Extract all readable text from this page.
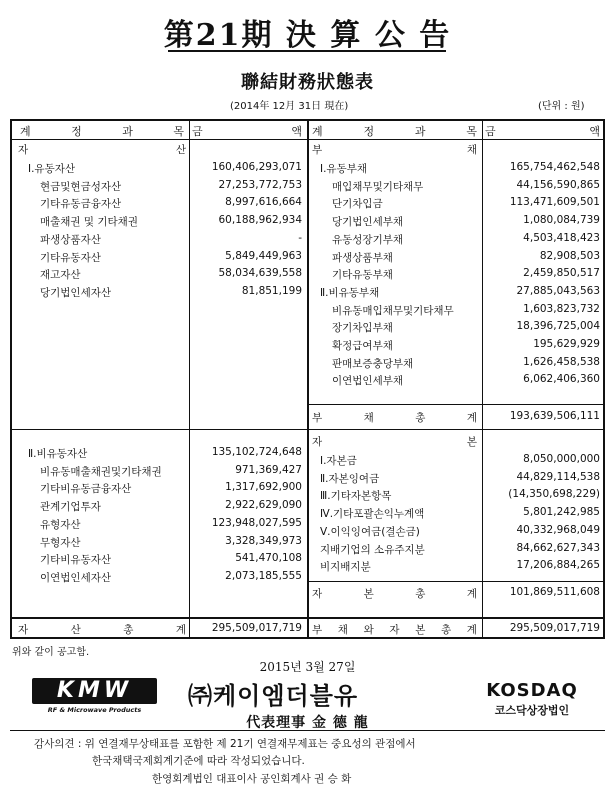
第21期 決 算 公 告
聯結財務狀態表
(2014年 12月 31日 現在)	(단위 : 원)
계	정	과	목 금	액 계	정	과	목 금	액
자	산	부	채
Ⅰ.유동자산	160,406,293,071
현금및현금성자산	27,253,772,753
기타유동금융자산	8,997,616,664
매출채권 및 기타채권	60,188,962,934
파생상품자산	-
기타유동자산	5,849,449,963
재고자산	58,034,639,558
당기법인세자산	81,851,199
Ⅱ.비유동자산	135,102,724,648
비유동매출채권및기타채권	971,369,427
기타비유동금융자산	1,317,692,900
관계기업투자	2,922,629,090
유형자산	123,948,027,595
무형자산	3,328,349,973
기타비유동자산	541,470,108
이연법인세자산	2,073,185,555
Ⅰ.유동부채	165,754,462,548
매입채무및기타채무	44,156,590,865
단기차입금	113,471,609,501
당기법인세부채	1,080,084,739
유동성장기부채	4,503,418,423
파생상품부채	82,908,503
기타유동부채	2,459,850,517
Ⅱ.비유동부채	27,885,043,563
비유동매입채무및기타채무	1,603,823,732
장기차입부채	18,396,725,004
확정급여부채	195,629,929
판매보증충당부채	1,626,458,538
이연법인세부채	6,062,406,360
부	채	총	계	193,639,506,111
자	본
Ⅰ.자본금	8,050,000,000
Ⅱ.자본잉여금	44,829,114,538
Ⅲ.기타자본항목	(14,350,698,229)
Ⅳ.기타포괄손익누계액	5,801,242,985
Ⅴ.이익잉여금(결손금)	40,332,968,049
지배기업의 소유주지분	84,662,627,343
비지배지분	17,206,884,265
자	본	총	계	101,869,511,608
자	산	총	계	295,509,017,719 부 채 와 자 본 총 계	295,509,017,719
위와 같이 공고함.
2015년 3월 27일
KMW
RF & Microwave Products	㈜케이엠더블유	KOSDAQ
코스닥상장법인
代表理事 金 德 龍
감사의견 : 위 연결재무상태표를 포함한 제 21기 연결재무제표는 중요성의 관점에서
한국채택국제회계기준에 따라 작성되었습니다.
한영회계법인 대표이사 공인회계사 권 승 화
